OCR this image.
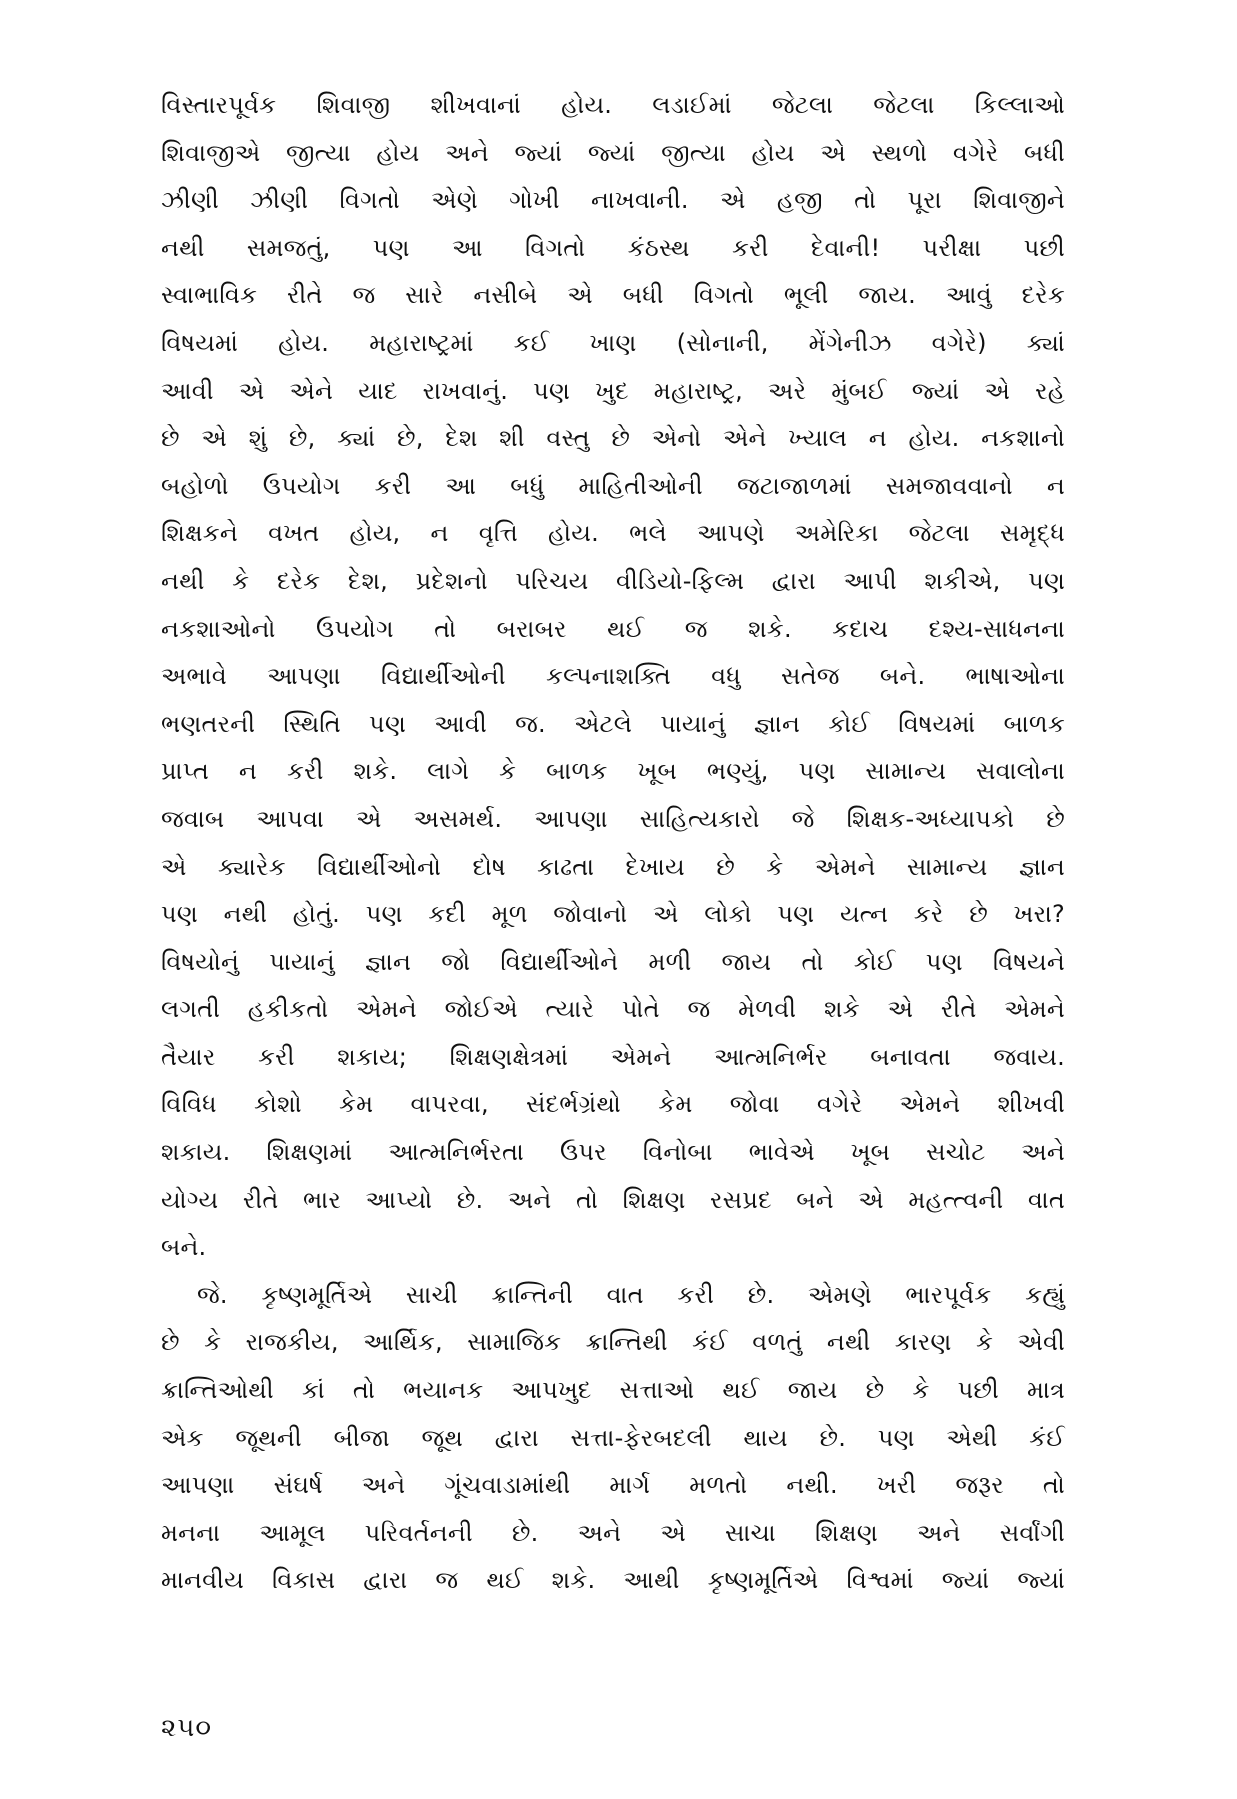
વિસ્તારપૂર્વક શિવાજી શીખવાનાં હોય. લડાઈમાં જેટલા જેટલા કિલ્લાઓ
શિવાજીએ જીત્યા હોય અને જ્યાં જ્યાં જીત્યા હોય એ સ્થળો વગેરે બધી
ઝીણી ઝીણી વિગતો એણે ગોખી નાખવાની. એ હજી તો પૂરા શિવાજીને
નથી સમજતું, પણ આ વિગતો કંઠસ્થ કરી દેવાની! પરીક્ષા પછી
સ્વાભાવિક રીતે જ સારે નસીબે એ બધી વિગતો ભૂલી જાય. આવું દરેક
વિષયમાં હોય. મહારાષ્ટ્રમાં કઈ ખાણ (સોનાની, મેંગેનીઝ વગેરે) ક્યાં
આવી એ એને યાદ રાખવાનું. પણ ખુદ મહારાષ્ટ્ર, અરે મુંબઈ જ્યાં એ રહે
છે એ શું છે, ક્યાં છે, દેશ શી વસ્તુ છે એનો એને ખ્યાલ ન હોય. નકશાનો
બહોળો ઉપયોગ કરી આ બધું માહિતીઓની જટાજાળમાં સમજાવવાનો ન
શિક્ષકને વખત હોય, ન વૃત્તિ હોય. ભલે આપણે અમેરિકા જેટલા સમૃદ્ધ
નથી કે દરેક દેશ, પ્રદેશનો પરિચય વીડિયો-ફિલ્મ દ્વારા આપી શકીએ, પણ
નકશાઓનો ઉપયોગ તો બરાબર થઈ જ શકે. કદાચ દશ્ય-સાધનના
અભાવે આપણા વિદ્યાર્થીઓની કલ્પનાશક્તિ વધુ સતેજ બને. ભાષાઓના
ભણતરની સ્થિતિ પણ આવી જ. એટલે પાયાનું જ્ઞાન કોઈ વિષયમાં બાળક
પ્રાપ્ત ન કરી શકે. લાગે કે બાળક ખૂબ ભણ્યું, પણ સામાન્ય સવાલોના
જવાબ આપવા એ અસમર્થ. આપણા સાહિત્યકારો જે શિક્ષક-અધ્યાપકો છે
એ ક્યારેક વિદ્યાર્થીઓનો દોષ કાઢતા દેખાય છે કે એમને સામાન્ય જ્ઞાન
પણ નથી હોતું. પણ કદી મૂળ જોવાનો એ લોકો પણ યત્ન કરે છે ખરા?
વિષયોનું પાયાનું જ્ઞાન જો વિદ્યાર્થીઓને મળી જાય તો કોઈ પણ વિષયને
લગતી હકીકતો એમને જોઈએ ત્યારે પોતે જ મેળવી શકે એ રીતે એમને
તૈયાર કરી શકાય; શિક્ષણક્ષેત્રમાં એમને આત્મનિર્ભર બનાવતા જવાય.
વિવિધ કોશો કેમ વાપરવા, સંદર્ભગ્રંથો કેમ જોવા વગેરે એમને શીખવી
શકાય. શિક્ષણમાં આત્મનિર્ભરતા ઉપર વિનોબા ભાવેએ ખૂબ સચોટ અને
યોગ્ય રીતે ભાર આપ્યો છે. અને તો શિક્ષણ રસપ્રદ બને એ મહત્ત્વની વાત
બને.
જે. કૃષ્ણમૂર્તિએ સાચી ક્રાન્તિની વાત કરી છે. એમણે ભારપૂર્વક કહ્યું
છે કે રાજકીય, આર્થિક, સામાજિક ક્રાન્તિથી કંઈ વળતું નથી કારણ કે એવી
ક્રાન્તિઓથી કાં તો ભયાનક આપખુદ સત્તાઓ થઈ જાય છે કે પછી માત્ર
એક જૂથની બીજા જૂથ દ્વારા સત્તા-ફેરબદલી થાય છે. પણ એથી કંઈ
આપણા સંઘર્ષ અને ગૂંચવાડામાંથી માર્ગ મળતો નથી. ખરી જરૂર તો
મનના આમૂલ પરિવર્તનની છે. અને એ સાચા શિક્ષણ અને સર્વાંગી
માનવીય વિકાસ દ્વારા જ થઈ શકે. આથી કૃષ્ણમૂર્તિએ વિશ્વમાં જ્યાં જ્યાં
૨૫૦
